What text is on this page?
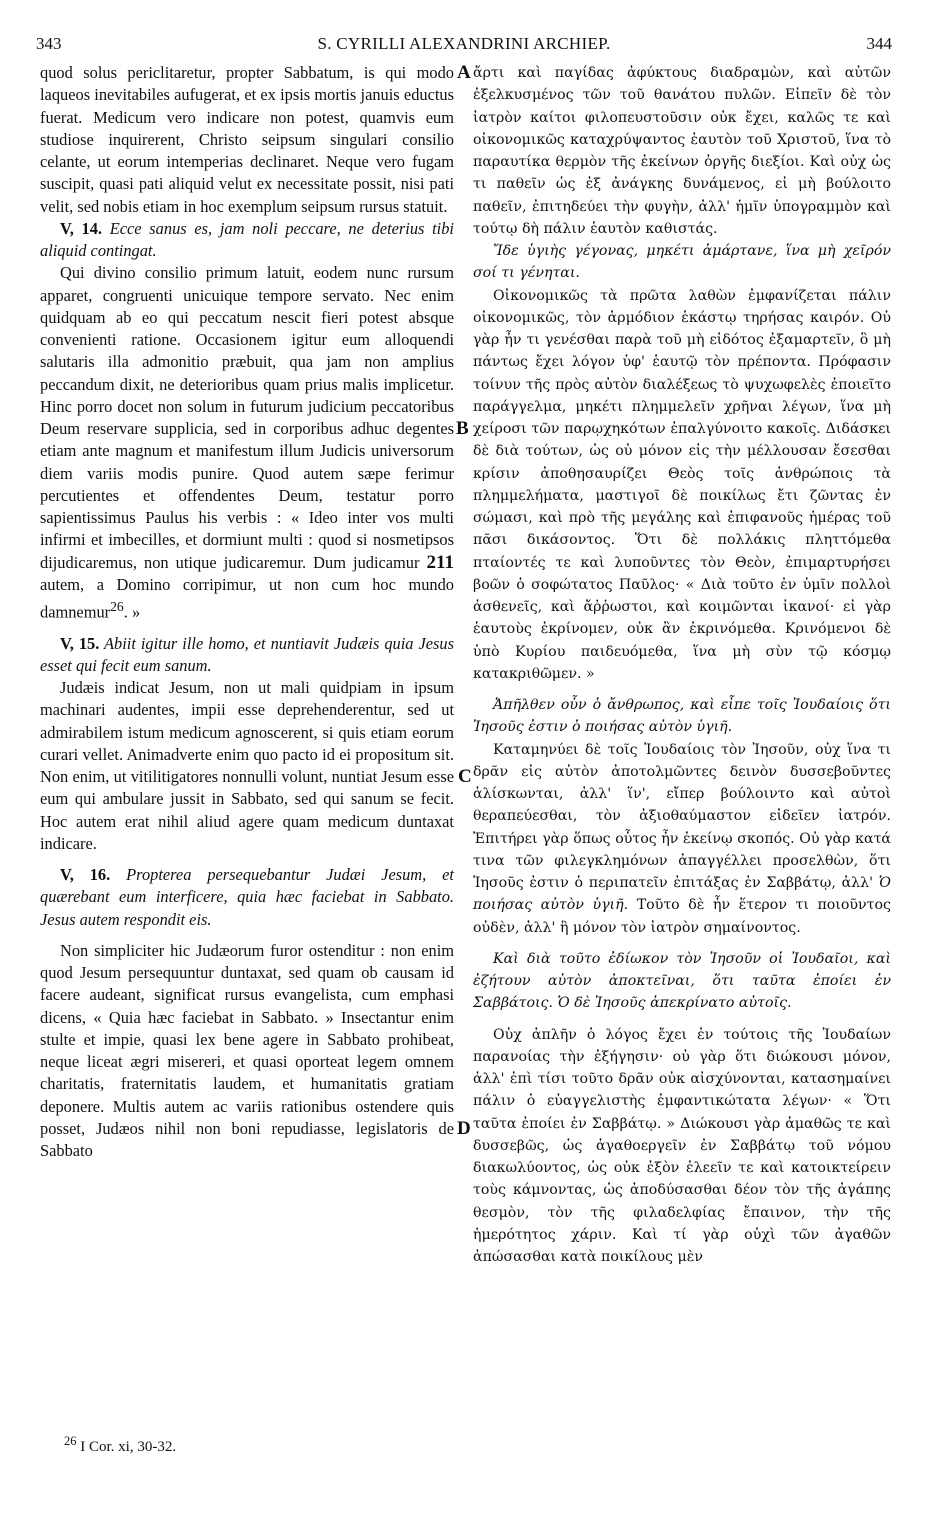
343	S. CYRILLI ALEXANDRINI ARCHIEP.	344
A
B
C
D

quod solus periclitaretur, propter Sabbatum, is qui modo laqueos inevitabiles aufugerat, et ex ipsis mortis januis eductus fuerat. Medicum vero indicare non potest, quamvis eum studiose inquirerent, Christo seipsum singulari consilio celante, ut eorum intemperias declinaret. Neque vero fugam suscipit, quasi pati aliquid velut ex necessitate possit, nisi pati velit, sed nobis etiam in hoc exemplum seipsum rursus statuit.

V, 14. Ecce sanus es, jam noli peccare, ne deterius tibi aliquid contingat.

Qui divino consilio primum latuit, eodem nunc rursum apparet, congruenti unicuique tempore servato. Nec enim quidquam ab eo qui peccatum nescit fieri potest absque convenienti ratione. Occasionem igitur eum alloquendi salutaris illa admonitio præbuit, qua jam non amplius peccandum dixit, ne deterioribus quam prius malis implicetur. Hinc porro docet non solum in futurum judicium peccatoribus Deum reservare supplicia, sed in corporibus adhuc degentes etiam ante magnum et manifestum illum Judicis universorum diem variis modis punire. Quod autem sæpe ferimur percutientes et offendentes Deum, testatur porro sapientissimus Paulus his verbis : « Ideo inter vos multi infirmi et imbecilles, et dormiunt multi : quod si nosmetipsos dijudicaremus, non utique judicaremur. Dum judicamur 211 autem, a Domino corripimur, ut non cum hoc mundo damnemur$^{26}$. »

V, 15. Abiit igitur ille homo, et nuntiavit Judæis quia Jesus esset qui fecit eum sanum.

Judæis indicat Jesum, non ut mali quidpiam in ipsum machinari audentes, impii esse deprehenderentur, sed ut admirabilem istum medicum agnoscerent, si quis etiam eorum curari vellet. Animadverte enim quo pacto id ei propositum sit. Non enim, ut vitilitigatores nonnulli volunt, nuntiat Jesum esse eum qui ambulare jussit in Sabbato, sed qui sanum se fecit. Hoc autem erat nihil aliud agere quam medicum duntaxat indicare.

V, 16. Propterea persequebantur Judæi Jesum, et quærebant eum interficere, quia hæc faciebat in Sabbato. Jesus autem respondit eis.

Non simpliciter hic Judæorum furor ostenditur : non enim quod Jesum persequuntur duntaxat, sed quam ob causam id facere audeant, significat rursus evangelista, cum emphasi dicens, « Quia hæc faciebat in Sabbato. » Insectantur enim stulte et impie, quasi lex bene agere in Sabbato prohibeat, neque liceat ægri misereri, et quasi oporteat legem omnem charitatis, fraternitatis laudem, et humanitatis gratiam deponere. Multis autem ac variis rationibus ostendere quis posset, Judæos nihil non boni repudiasse, legislatoris de Sabbato

ἄρτι καὶ παγίδας ἀφύκτους διαδραμὼν, καὶ αὐτῶν ἐξελκυσμένος τῶν τοῦ θανάτου πυλῶν. Εἰπεῖν δὲ τὸν ἰατρὸν καίτοι φιλοπευστοῦσιν οὐκ ἔχει, καλῶς τε καὶ οἰκονομικῶς καταχρύψαντος ἑαυτὸν τοῦ Χριστοῦ, ἵνα τὸ παραυτίκα θερμὸν τῆς ἐκείνων ὀργῆς διεξίοι. Καὶ οὐχ ὡς τι παθεῖν ὡς ἐξ ἀνάγκης δυνάμενος, εἰ μὴ βούλοιτο παθεῖν, ἐπιτηδεύει τὴν φυγὴν, ἀλλ' ἡμῖν ὑπογραμμὸν καὶ τούτῳ δὴ πάλιν ἑαυτὸν καθιστάς.

Ἴδε ὑγιὴς γέγονας, μηκέτι ἁμάρτανε, ἵνα μὴ χεῖρόν σοί τι γένηται.

Οἰκονομικῶς τὰ πρῶτα λαθὼν ἐμφανίζεται πάλιν οἰκονομικῶς, τὸν ἁρμόδιον ἑκάστῳ τηρήσας καιρόν. Οὐ γὰρ ἦν τι γενέσθαι παρὰ τοῦ μὴ εἰδότος ἐξαμαρτεῖν, ὃ μὴ πάντως ἔχει λόγον ὑφ' ἑαυτῷ τὸν πρέποντα. Πρόφασιν τοίνυν τῆς πρὸς αὐτὸν διαλέξεως τὸ ψυχωφελὲς ἐποιεῖτο παράγγελμα, μηκέτι πλημμελεῖν χρῆναι λέγων, ἵνα μὴ χείροσι τῶν παρῳχηκότων ἐπαλγύνοιτο κακοῖς. Διδάσκει δὲ διὰ τούτων, ὡς οὐ μόνον εἰς τὴν μέλλουσαν ἔσεσθαι κρίσιν ἀποθησαυρίζει Θεὸς τοῖς ἀνθρώποις τὰ πλημμελήματα, μαστιγοῖ δὲ ποικίλως ἔτι ζῶντας ἐν σώμασι, καὶ πρὸ τῆς μεγάλης καὶ ἐπιφανοῦς ἡμέρας τοῦ πᾶσι δικάσοντος. Ὅτι δὲ πολλάκις πληττόμεθα πταίοντές τε καὶ λυποῦντες τὸν Θεὸν, ἐπιμαρτυρήσει βοῶν ὁ σοφώτατος Παῦλος· « Διὰ τοῦτο ἐν ὑμῖν πολλοὶ ἀσθενεῖς, καὶ ἄῤῥωστοι, καὶ κοιμῶνται ἱκανοί· εἰ γὰρ ἑαυτοὺς ἐκρίνομεν, οὐκ ἂν ἐκρινόμεθα. Κρινόμενοι δὲ ὑπὸ Κυρίου παιδευόμεθα, ἵνα μὴ σὺν τῷ κόσμῳ κατακριθῶμεν. »

Ἀπῆλθεν οὖν ὁ ἄνθρωπος, καὶ εἶπε τοῖς Ἰουδαίοις ὅτι Ἰησοῦς ἐστιν ὁ ποιήσας αὐτὸν ὑγιῆ.

Καταμηνύει δὲ τοῖς Ἰουδαίοις τὸν Ἰησοῦν, οὐχ ἵνα τι δρᾶν εἰς αὐτὸν ἀποτολμῶντες δεινὸν δυσσεβοῦντες ἁλίσκωνται, ἀλλ' ἵν', εἴπερ βούλοιντο καὶ αὐτοὶ θεραπεύεσθαι, τὸν ἀξιοθαύμαστον εἰδεῖεν ἰατρόν. Ἐπιτήρει γὰρ ὅπως οὗτος ἦν ἐκείνῳ σκοπός. Οὐ γὰρ κατά τινα τῶν φιλεγκλημόνων ἀπαγγέλλει προσελθὼν, ὅτι Ἰησοῦς ἐστιν ὁ περιπατεῖν ἐπιτάξας ἐν Σαββάτῳ, ἀλλ' Ὁ ποιήσας αὐτὸν ὑγιῆ. Τοῦτο δὲ ἦν ἕτερον τι ποιοῦντος οὐδὲν, ἀλλ' ἢ μόνον τὸν ἰατρὸν σημαίνοντος.

Καὶ διὰ τοῦτο ἐδίωκον τὸν Ἰησοῦν οἱ Ἰουδαῖοι, καὶ ἐζήτουν αὐτὸν ἀποκτεῖναι, ὅτι ταῦτα ἐποίει ἐν Σαββάτοις. Ὁ δὲ Ἰησοῦς ἀπεκρίνατο αὐτοῖς.

Οὐχ ἁπλῆν ὁ λόγος ἔχει ἐν τούτοις τῆς Ἰουδαίων παρανοίας τὴν ἐξήγησιν· οὐ γὰρ ὅτι διώκουσι μόνον, ἀλλ' ἐπὶ τίσι τοῦτο δρᾶν οὐκ αἰσχύνονται, κατασημαίνει πάλιν ὁ εὐαγγελιστὴς ἐμφαντικώτατα λέγων· « Ὅτι ταῦτα ἐποίει ἐν Σαββάτῳ. » Διώκουσι γὰρ ἀμαθῶς τε καὶ δυσσεβῶς, ὡς ἀγαθοεργεῖν ἐν Σαββάτῳ τοῦ νόμου διακωλύοντος, ὡς οὐκ ἐξὸν ἐλεεῖν τε καὶ κατοικτείρειν τοὺς κάμνοντας, ὡς ἀποδύσασθαι δέον τὸν τῆς ἀγάπης θεσμὸν, τὸν τῆς φιλαδελφίας ἔπαινον, τὴν τῆς ἡμερότητος χάριν. Καὶ τί γὰρ οὐχὶ τῶν ἀγαθῶν ἀπώσασθαι κατὰ ποικίλους μὲν

$^{26}$ I Cor. xi, 30-32.
